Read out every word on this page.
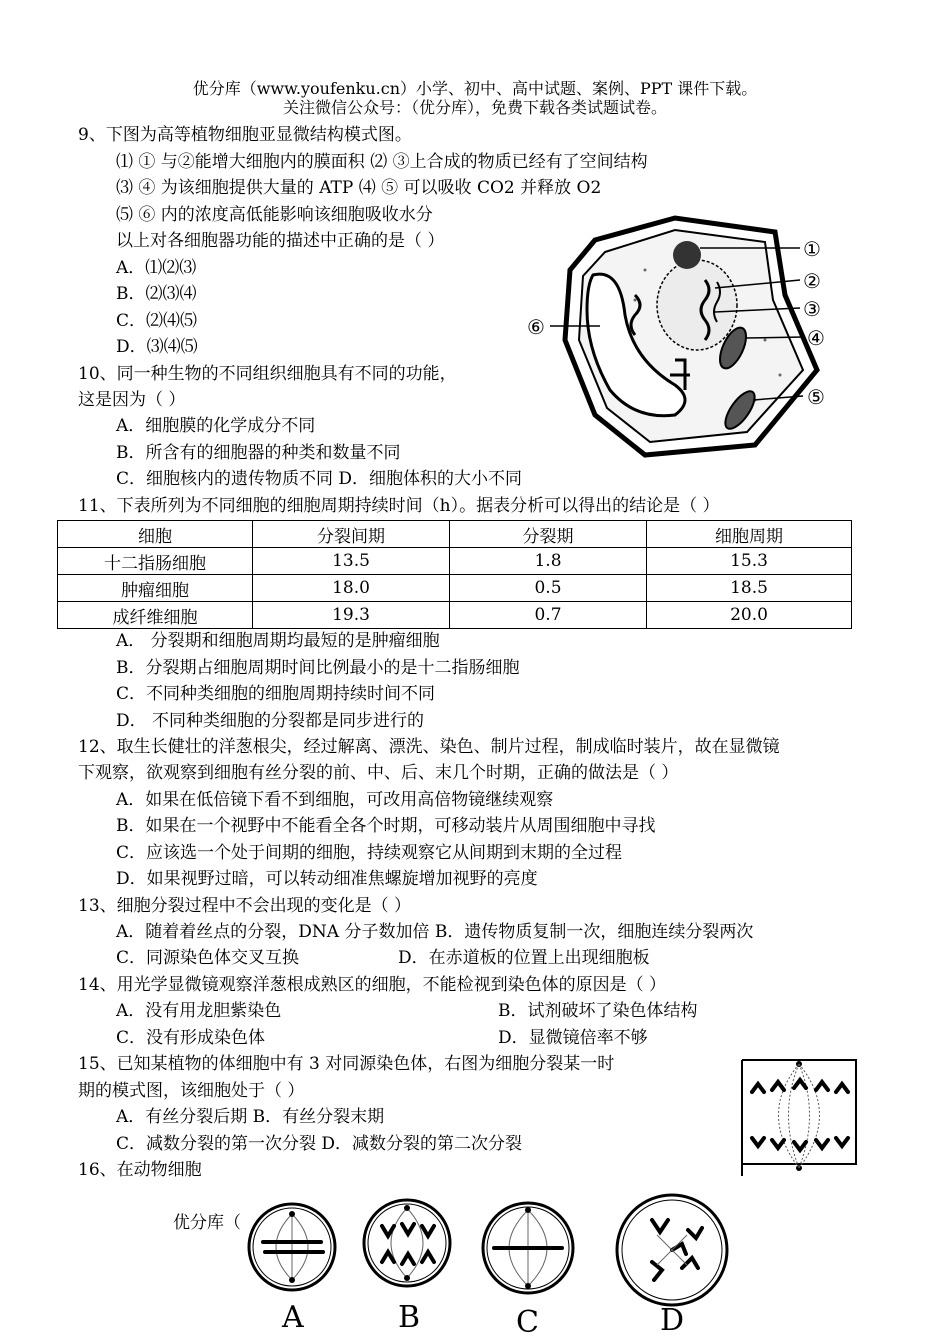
优分库（www.youfenku.cn）小学、初中、高中试题、案例、PPT 课件下载。
关注微信公众号：（优分库），免费下载各类试题试卷。
9、下图为高等植物细胞亚显微结构模式图。
⑴ ① 与②能增大细胞内的膜面积 ⑵ ③上合成的物质已经有了空间结构
⑶ ④ 为该细胞提供大量的 ATP ⑷ ⑤ 可以吸收 CO2 并释放 O2
⑸ ⑥ 内的浓度高低能影响该细胞吸收水分
以上对各细胞器功能的描述中正确的是（ ）
A．⑴⑵⑶
B．⑵⑶⑷
C．⑵⑷⑸
D．⑶⑷⑸
①
②
③
④
⑤
⑥
10、同一种生物的不同组织细胞具有不同的功能，
这是因为（ ）
A．细胞膜的化学成分不同
B．所含有的细胞器的种类和数量不同
C．细胞核内的遗传物质不同 D．细胞体积的大小不同
11、下表所列为不同细胞的细胞周期持续时间（h）。据表分析可以得出的结论是（ ）
细胞	分裂间期	分裂期	细胞周期
十二指肠细胞	13.5	1.8	15.3
肿瘤细胞	18.0	0.5	18.5
成纤维细胞	19.3	0.7	20.0
A． 分裂期和细胞周期均最短的是肿瘤细胞
B．分裂期占细胞周期时间比例最小的是十二指肠细胞
C．不同种类细胞的细胞周期持续时间不同
D． 不同种类细胞的分裂都是同步进行的
12、取生长健壮的洋葱根尖，经过解离、漂洗、染色、制片过程，制成临时装片，故在显微镜
下观察，欲观察到细胞有丝分裂的前、中、后、末几个时期，正确的做法是（ ）
A．如果在低倍镜下看不到细胞，可改用高倍物镜继续观察
B．如果在一个视野中不能看全各个时期，可移动装片从周围细胞中寻找
C．应该选一个处于间期的细胞，持续观察它从间期到末期的全过程
D．如果视野过暗，可以转动细准焦螺旋增加视野的亮度
13、细胞分裂过程中不会出现的变化是（ ）
A．随着着丝点的分裂，DNA 分子数加倍 B．遗传物质复制一次，细胞连续分裂两次
C．同源染色体交叉互换	D．在赤道板的位置上出现细胞板
14、用光学显微镜观察洋葱根成熟区的细胞，不能检视到染色体的原因是（ ）
A．没有用龙胆紫染色	B．试剂破坏了染色体结构
C．没有形成染色体	D．显微镜倍率不够
15、已知某植物的体细胞中有 3 对同源染色体，右图为细胞分裂某一时
期的模式图，该细胞处于（ ）
A．有丝分裂后期 B．有丝分裂末期
C．减数分裂的第一次分裂 D．减数分裂的第二次分裂
16、在动物细胞
优分库（
A	B	C	D
